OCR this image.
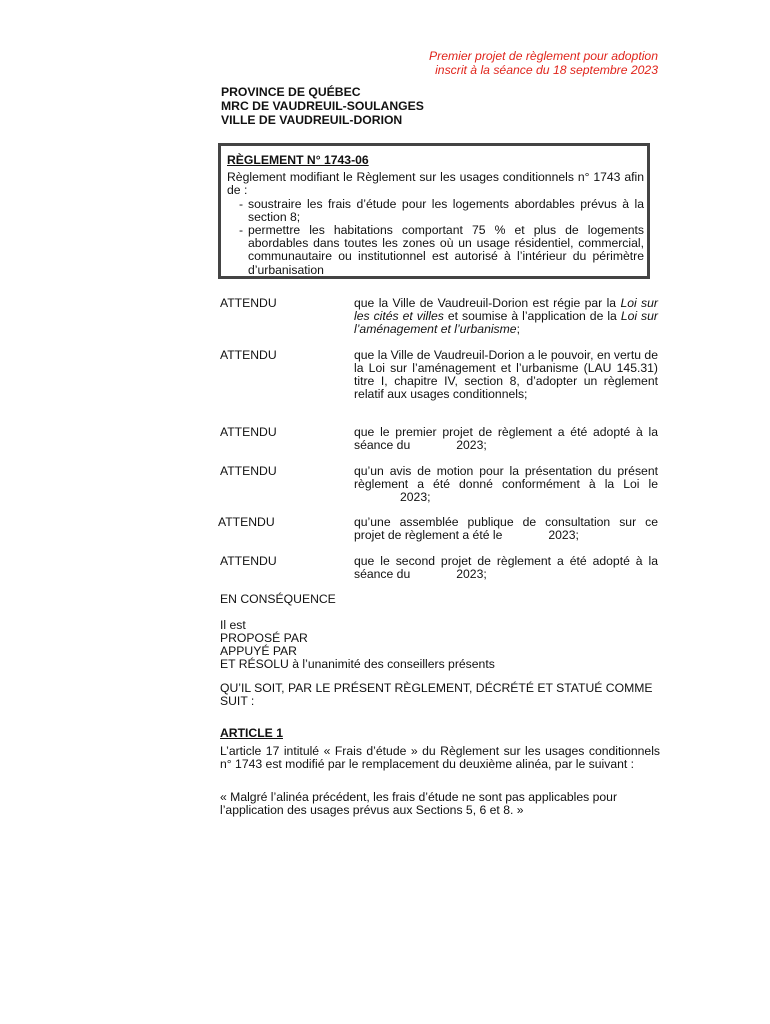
Premier projet de règlement pour adoption
inscrit à la séance du 18 septembre 2023
PROVINCE DE QUÉBEC
MRC DE VAUDREUIL-SOULANGES
VILLE DE VAUDREUIL-DORION
RÈGLEMENT N° 1743-06
Règlement modifiant le Règlement sur les usages conditionnels n° 1743 afin de :
- soustraire les frais d’étude pour les logements abordables prévus à la section 8;
- permettre les habitations comportant 75 % et plus de logements abordables dans toutes les zones où un usage résidentiel, commercial, communautaire ou institutionnel est autorisé à l’intérieur du périmètre d’urbanisation
ATTENDU	que la Ville de Vaudreuil-Dorion est régie par la Loi sur les cités et villes et soumise à l’application de la Loi sur l’aménagement et l’urbanisme;
ATTENDU	que la Ville de Vaudreuil-Dorion a le pouvoir, en vertu de la Loi sur l’aménagement et l’urbanisme (LAU 145.31) titre I, chapitre IV, section 8, d’adopter un règlement relatif aux usages conditionnels;
ATTENDU	que le premier projet de règlement a été adopté à la séance du	2023;
ATTENDU	qu’un avis de motion pour la présentation du présent règlement a été donné conformément à la Loi le2023;
ATTENDU	qu’une assemblée publique de consultation sur ce projet de règlement a été le	2023;
ATTENDU	que le second projet de règlement a été adopté à la séance du	2023;
EN CONSÉQUENCE
Il est
PROPOSÉ PAR
APPUYÉ PAR
ET RÉSOLU à l’unanimité des conseillers présents
QU’IL SOIT, PAR LE PRÉSENT RÈGLEMENT, DÉCRÉTÉ ET STATUÉ COMME SUIT :
ARTICLE 1
L’article 17 intitulé « Frais d’étude » du Règlement sur les usages conditionnels n° 1743 est modifié par le remplacement du deuxième alinéa, par le suivant :
« Malgré l’alinéa précédent, les frais d’étude ne sont pas applicables pour l’application des usages prévus aux Sections 5, 6 et 8. »
